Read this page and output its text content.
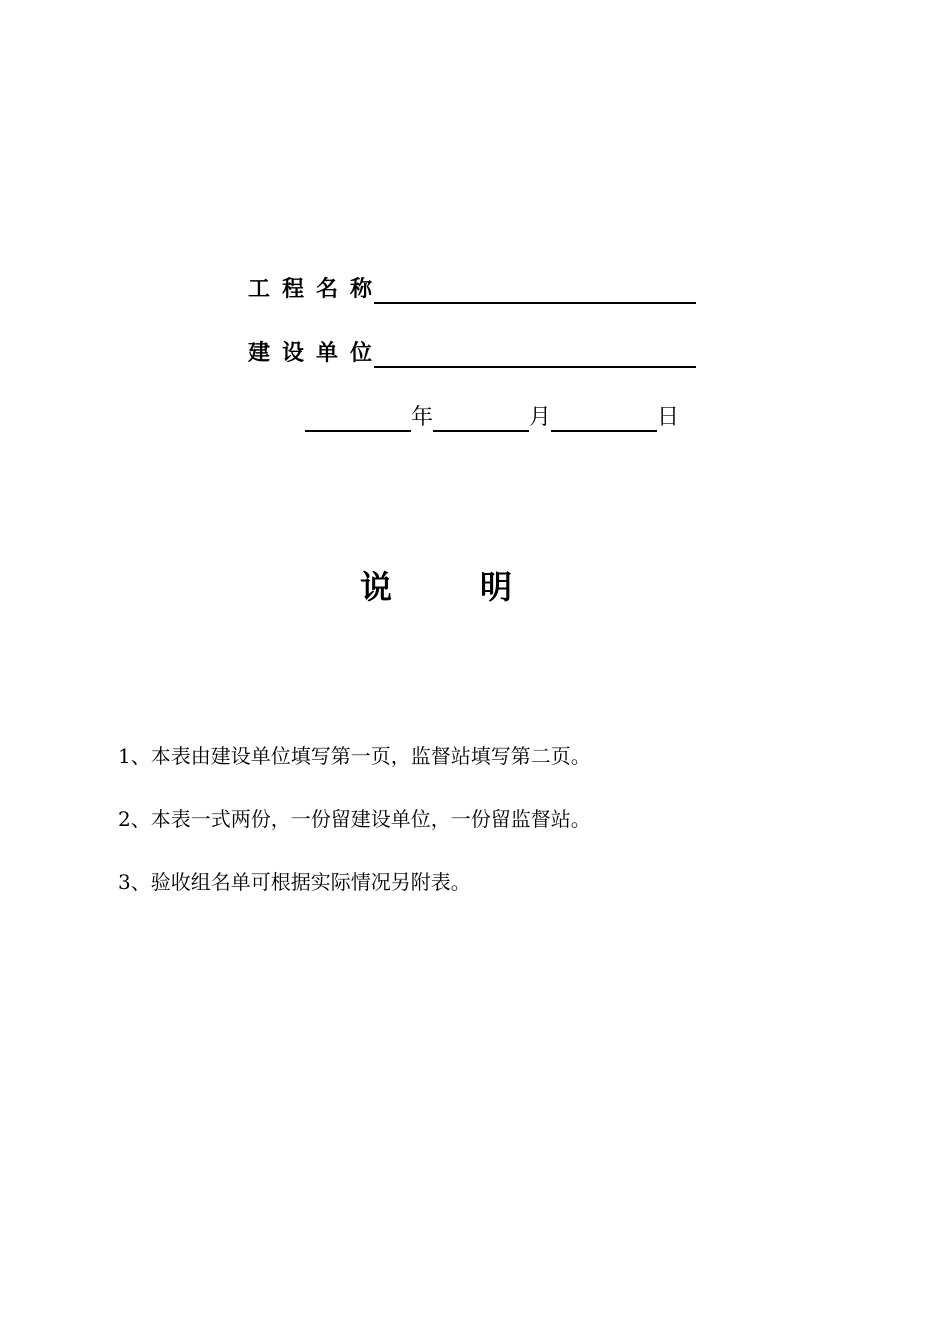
工程名称
建设单位
年	月	日
说	明
1、本表由建设单位填写第一页，监督站填写第二页。
2、本表一式两份，一份留建设单位，一份留监督站。
3、验收组名单可根据实际情况另附表。
